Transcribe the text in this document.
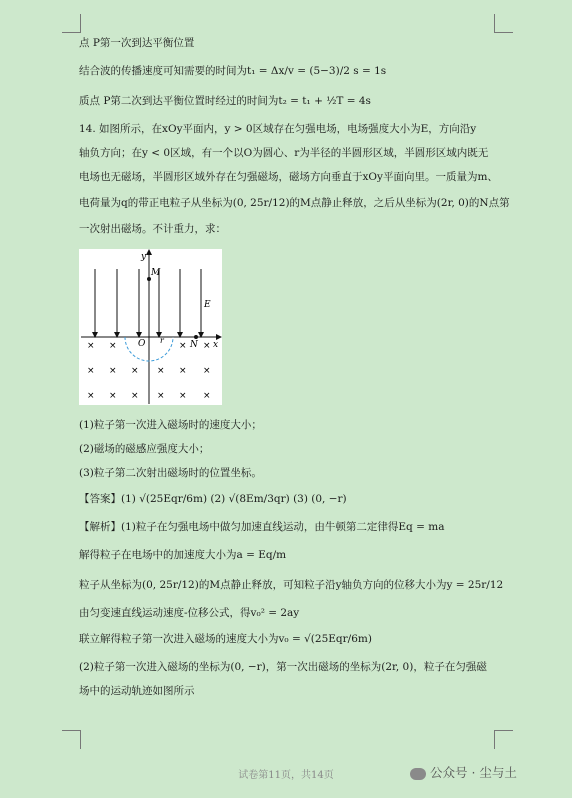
点 P第一次到达平衡位置
结合波的传播速度可知需要的时间为t₁ = Δx/v = (5−3)/2 s = 1s
质点 P第二次到达平衡位置时经过的时间为t₂ = t₁ + ½T = 4s
14. 如图所示，在xOy平面内，y > 0区域存在匀强电场，电场强度大小为E，方向沿y
轴负方向；在y < 0区域，有一个以O为圆心、r为半径的半圆形区域，半圆形区域内既无
电场也无磁场，半圆形区域外存在匀强磁场，磁场方向垂直于xOy平面向里。一质量为m、
电荷量为q的带正电粒子从坐标为(0, 25r/12)的M点静止释放，之后从坐标为(2r, 0)的N点第
一次射出磁场。不计重力，求：
(1)粒子第一次进入磁场时的速度大小；
(2)磁场的磁感应强度大小；
(3)粒子第二次射出磁场时的位置坐标。
【答案】(1) √(25Eqr/6m) (2) √(8Em/3qr) (3) (0, −r)
【解析】(1)粒子在匀强电场中做匀加速直线运动，由牛顿第二定律得Eq = ma
解得粒子在电场中的加速度大小为a = Eq/m
粒子从坐标为(0, 25r/12)的M点静止释放，可知粒子沿y轴负方向的位移大小为y = 25r/12
由匀变速直线运动速度-位移公式，得v₀² = 2ay
联立解得粒子第一次进入磁场的速度大小为v₀ = √(25Eqr/6m)
(2)粒子第一次进入磁场的坐标为(0, −r)，第一次出磁场的坐标为(2r, 0)，粒子在匀强磁
场中的运动轨迹如图所示
y
x
M
E
O r	N
× ×	× ×
× × × × × ×
× × × × × ×
试卷第11页，共14页	公众号 · 尘与土
